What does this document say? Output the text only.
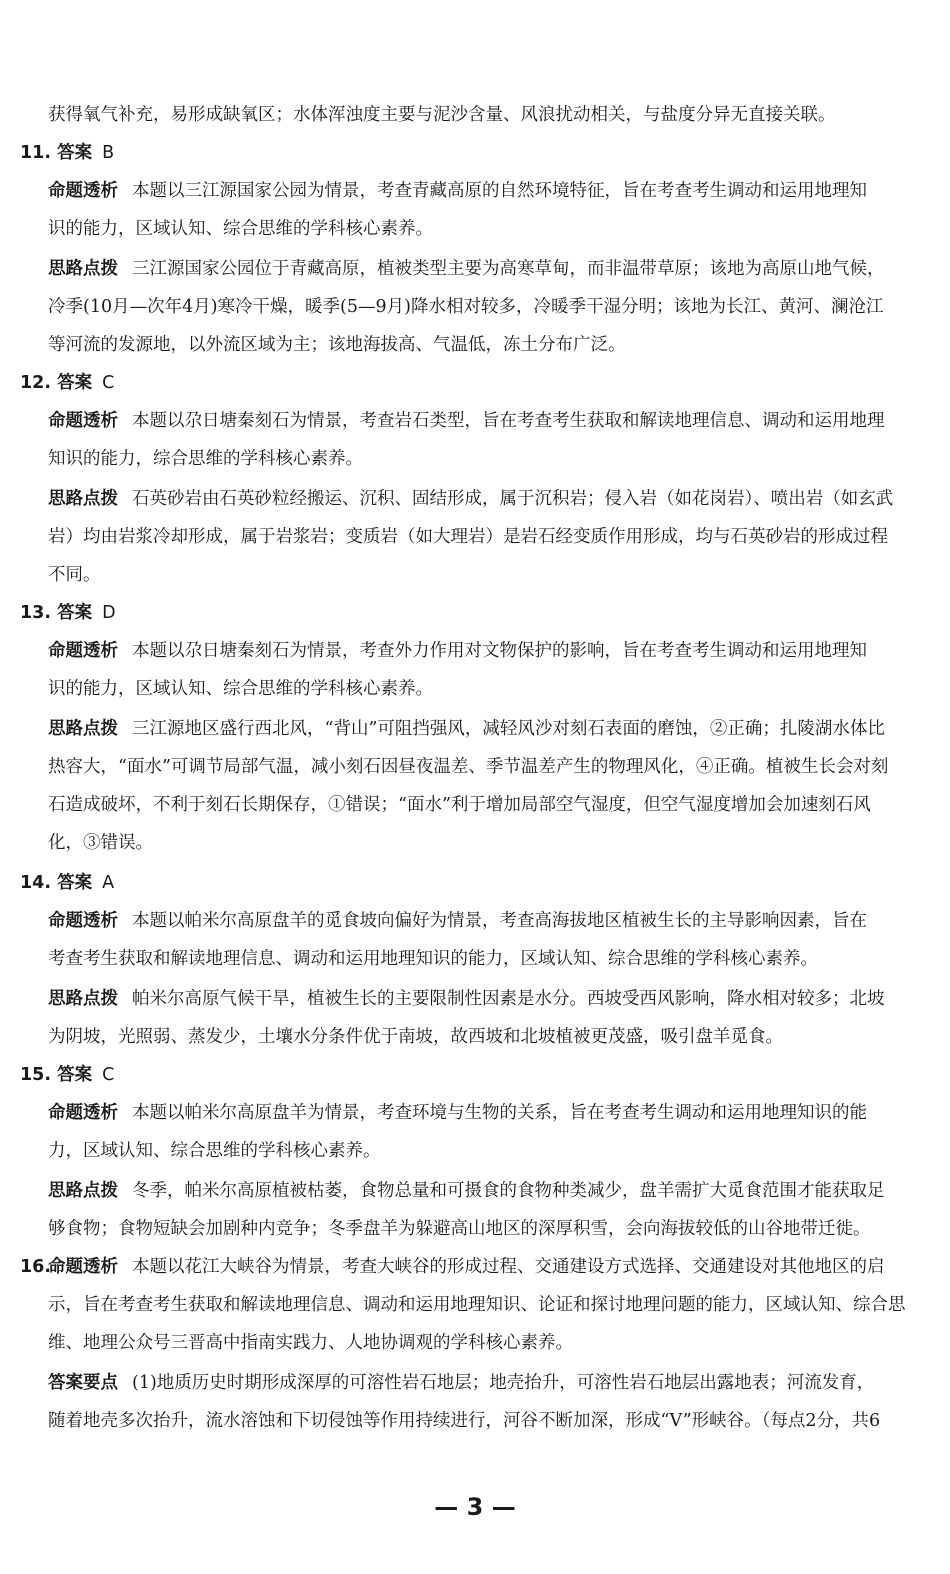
获得氧气补充，易形成缺氧区；水体浑浊度主要与泥沙含量、风浪扰动相关，与盐度分异无直接关联。
11. 答案 B
命题透析 本题以三江源国家公园为情景，考查青藏高原的自然环境特征，旨在考查考生调动和运用地理知
识的能力，区域认知、综合思维的学科核心素养。
思路点拨 三江源国家公园位于青藏高原，植被类型主要为高寒草甸，而非温带草原；该地为高原山地气候，
冷季(10月—次年4月)寒冷干燥，暖季(5—9月)降水相对较多，冷暖季干湿分明；该地为长江、黄河、澜沧江
等河流的发源地，以外流区域为主；该地海拔高、气温低，冻土分布广泛。
12. 答案 C
命题透析 本题以尕日塘秦刻石为情景，考查岩石类型，旨在考查考生获取和解读地理信息、调动和运用地理
知识的能力，综合思维的学科核心素养。
思路点拨 石英砂岩由石英砂粒经搬运、沉积、固结形成，属于沉积岩；侵入岩（如花岗岩）、喷出岩（如玄武
岩）均由岩浆冷却形成，属于岩浆岩；变质岩（如大理岩）是岩石经变质作用形成，均与石英砂岩的形成过程
不同。
13. 答案 D
命题透析 本题以尕日塘秦刻石为情景，考查外力作用对文物保护的影响，旨在考查考生调动和运用地理知
识的能力，区域认知、综合思维的学科核心素养。
思路点拨 三江源地区盛行西北风，“背山”可阻挡强风，减轻风沙对刻石表面的磨蚀，②正确；扎陵湖水体比
热容大，“面水”可调节局部气温，减小刻石因昼夜温差、季节温差产生的物理风化，④正确。植被生长会对刻
石造成破坏，不利于刻石长期保存，①错误；“面水”利于增加局部空气湿度，但空气湿度增加会加速刻石风
化，③错误。
14. 答案 A
命题透析 本题以帕米尔高原盘羊的觅食坡向偏好为情景，考查高海拔地区植被生长的主导影响因素，旨在
考查考生获取和解读地理信息、调动和运用地理知识的能力，区域认知、综合思维的学科核心素养。
思路点拨 帕米尔高原气候干旱，植被生长的主要限制性因素是水分。西坡受西风影响，降水相对较多；北坡
为阴坡，光照弱、蒸发少，土壤水分条件优于南坡，故西坡和北坡植被更茂盛，吸引盘羊觅食。
15. 答案 C
命题透析 本题以帕米尔高原盘羊为情景，考查环境与生物的关系，旨在考查考生调动和运用地理知识的能
力，区域认知、综合思维的学科核心素养。
思路点拨 冬季，帕米尔高原植被枯萎，食物总量和可摄食的食物种类减少，盘羊需扩大觅食范围才能获取足
够食物；食物短缺会加剧种内竞争；冬季盘羊为躲避高山地区的深厚积雪，会向海拔较低的山谷地带迁徙。
16.
命题透析 本题以花江大峡谷为情景，考查大峡谷的形成过程、交通建设方式选择、交通建设对其他地区的启
示，旨在考查考生获取和解读地理信息、调动和运用地理知识、论证和探讨地理问题的能力，区域认知、综合思
维、地理公众号三晋高中指南实践力、人地协调观的学科核心素养。
答案要点 (1)地质历史时期形成深厚的可溶性岩石地层；地壳抬升，可溶性岩石地层出露地表；河流发育，
随着地壳多次抬升，流水溶蚀和下切侵蚀等作用持续进行，河谷不断加深，形成“V”形峡谷。（每点2分，共6
— 3 —
